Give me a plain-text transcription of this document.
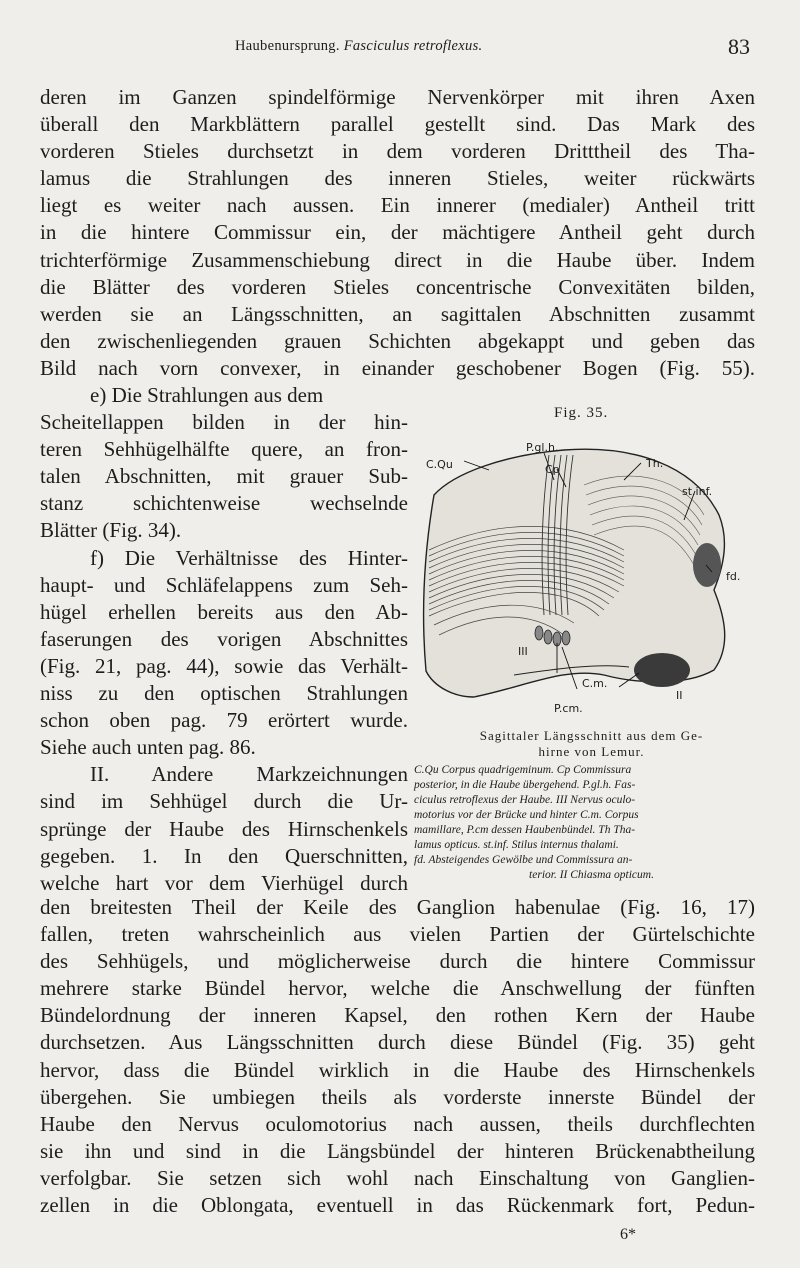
Haubenursprung. Fasciculus retroflexus.	83
deren im Ganzen spindelförmige Nervenkörper mit ihren Axen
überall den Markblättern parallel gestellt sind. Das Mark des
vorderen Stieles durchsetzt in dem vorderen Dritttheil des Tha-
lamus die Strahlungen des inneren Stieles, weiter rückwärts
liegt es weiter nach aussen. Ein innerer (medialer) Antheil tritt
in die hintere Commissur ein, der mächtigere Antheil geht durch
trichterförmige Zusammenschiebung direct in die Haube über. Indem
die Blätter des vorderen Stieles concentrische Convexitäten bilden,
werden sie an Längsschnitten, an sagittalen Abschnitten zusammt
den zwischenliegenden grauen Schichten abgekappt und geben das
Bild nach vorn convexer, in einander geschobener Bogen (Fig. 55).
e) Die Strahlungen aus dem
Scheitellappen bilden in der hin-
teren Sehhügelhälfte quere, an fron-
talen Abschnitten, mit grauer Sub-
stanz schichtenweise wechselnde
Blätter (Fig. 34).
f) Die Verhältnisse des Hinter-
haupt- und Schläfelappens zum Seh-
hügel erhellen bereits aus den Ab-
faserungen des vorigen Abschnittes
(Fig. 21, pag. 44), sowie das Verhält-
niss zu den optischen Strahlungen
schon oben pag. 79 erörtert wurde.
Siehe auch unten pag. 86.
II. Andere Markzeichnungen
sind im Sehhügel durch die Ur-
sprünge der Haube des Hirnschenkels
gegeben. 1. In den Querschnitten,
welche hart vor dem Vierhügel durch
Fig. 35.
P.gl.h.
C.Qu	Cp	Th.
st.inf.
fd.
III
C.m.
II
P.cm.
Sagittaler Längsschnitt aus dem Ge-
hirne von Lemur.
C.Qu Corpus quadrigeminum. Cp Commissura
posterior, in die Haube übergehend. P.gl.h. Fas-
ciculus retroflexus der Haube. III Nervus oculo-
motorius vor der Brücke und hinter C.m. Corpus
mamillare, P.cm dessen Haubenbündel. Th Tha-
lamus opticus. st.inf. Stilus internus thalami.
fd. Absteigendes Gewölbe und Commissura an-
terior. II Chiasma opticum.
den breitesten Theil der Keile des Ganglion habenulae (Fig. 16, 17)
fallen, treten wahrscheinlich aus vielen Partien der Gürtelschichte
des Sehhügels, und möglicherweise durch die hintere Commissur
mehrere starke Bündel hervor, welche die Anschwellung der fünften
Bündelordnung der inneren Kapsel, den rothen Kern der Haube
durchsetzen. Aus Längsschnitten durch diese Bündel (Fig. 35) geht
hervor, dass die Bündel wirklich in die Haube des Hirnschenkels
übergehen. Sie umbiegen theils als vorderste innerste Bündel der
Haube den Nervus oculomotorius nach aussen, theils durchflechten
sie ihn und sind in die Längsbündel der hinteren Brückenabtheilung
verfolgbar. Sie setzen sich wohl nach Einschaltung von Ganglien-
zellen in die Oblongata, eventuell in das Rückenmark fort, Pedun-
6*
